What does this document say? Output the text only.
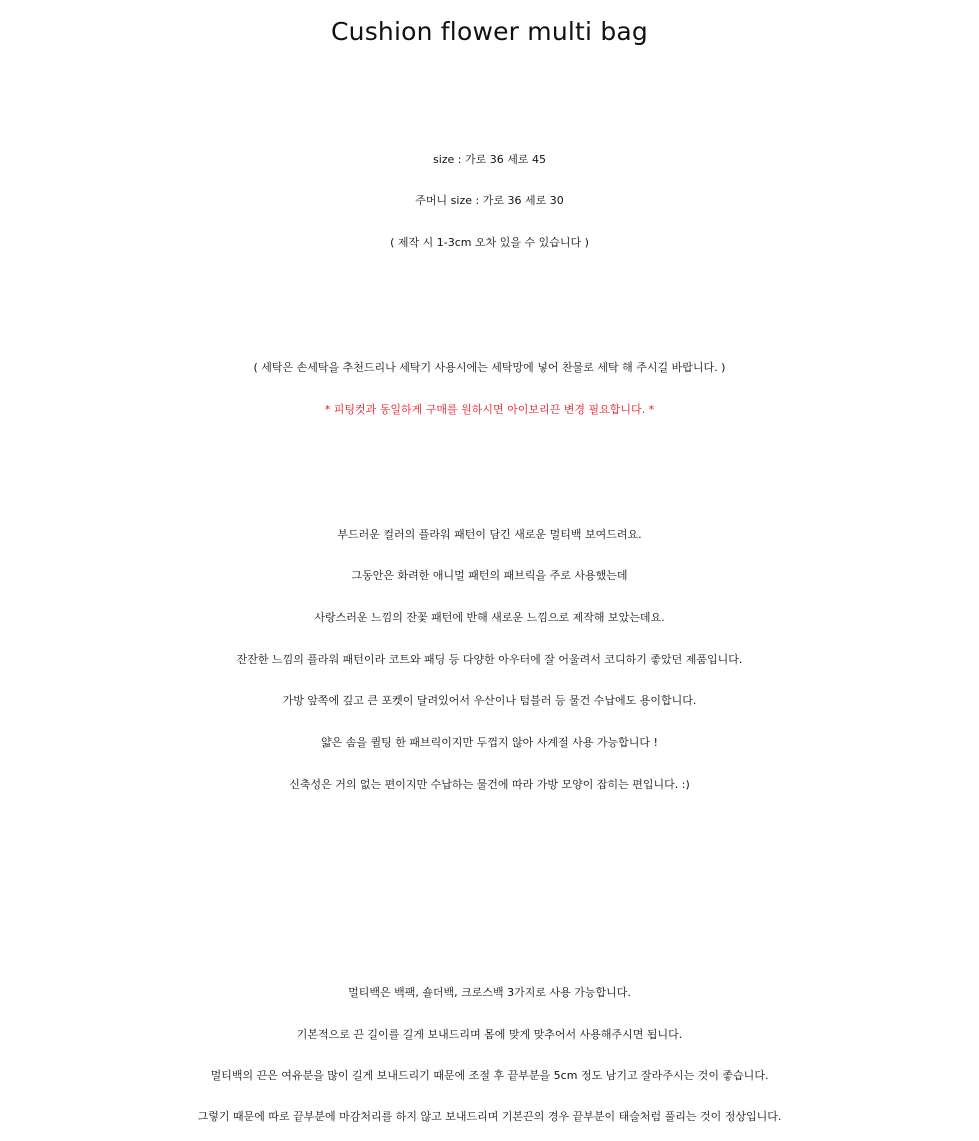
Cushion flower multi bag
size : 가로 36 세로 45
주머니 size : 가로 36 세로 30
( 제작 시 1-3cm 오차 있을 수 있습니다 )
( 세탁은 손세탁을 추천드리나 세탁기 사용시에는 세탁망에 넣어 찬물로 세탁 해 주시길 바랍니다. )
* 피팅컷과 동일하게 구매를 원하시면 아이보리끈 변경 필요합니다. *
부드러운 컬러의 플라워 패턴이 담긴 새로운 멀티백 보여드려요.
그동안은 화려한 애니멀 패턴의 패브릭을 주로 사용했는데
사랑스러운 느낌의 잔꽃 패턴에 반해 새로운 느낌으로 제작해 보았는데요.
잔잔한 느낌의 플라워 패턴이라 코트와 패딩 등 다양한 아우터에 잘 어울려서 코디하기 좋았던 제품입니다.
가방 앞쪽에 깊고 큰 포켓이 달려있어서 우산이나 텀블러 등 물건 수납에도 용이합니다.
얇은 솜을 퀼팅 한 패브릭이지만 두껍지 않아 사계절 사용 가능합니다 !
신축성은 거의 없는 편이지만 수납하는 물건에 따라 가방 모양이 잡히는 편입니다. :)
멀티백은 백팩, 숄더백, 크로스백 3가지로 사용 가능합니다.
기본적으로 끈 길이를 길게 보내드리며 몸에 맞게 맞추어서 사용해주시면 됩니다.
멀티백의 끈은 여유분을 많이 길게 보내드리기 때문에 조절 후 끝부분을 5cm 정도 남기고 잘라주시는 것이 좋습니다.
그렇기 때문에 따로 끝부분에 마감처리를 하지 않고 보내드리며 기본끈의 경우 끝부분이 태슬처럼 풀리는 것이 정상입니다.
